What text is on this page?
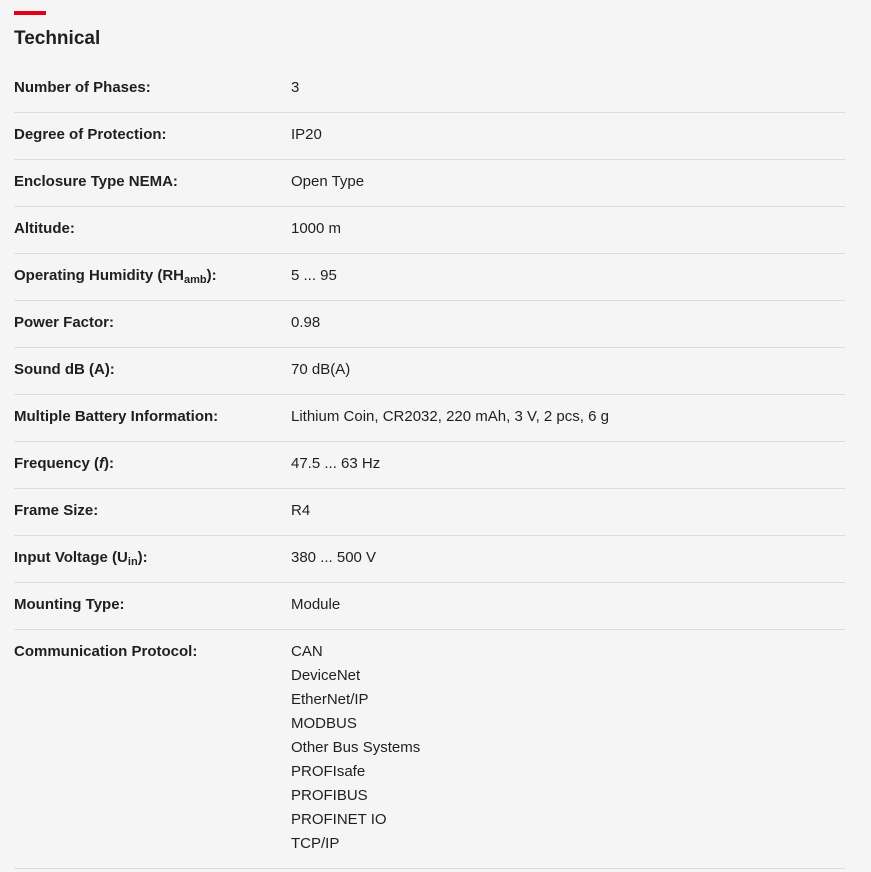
Technical
Number of Phases:	3
Degree of Protection:	IP20
Enclosure Type NEMA:	Open Type
Altitude:	1000 m
Operating Humidity $(RH_{amb})$:	5 ... 95
Power Factor:	0.98
Sound dB (A):	70 dB(A)
Multiple Battery Information:	Lithium Coin, CR2032, 220 mAh, 3 V, 2 pcs, 6 g
Frequency (f):	47.5 ... 63 Hz
Frame Size:	R4
Input Voltage $(U_{in})$:	380 ... 500 V
Mounting Type:	Module
Communication Protocol:	CAN
DeviceNet
EtherNet/IP
MODBUS
Other Bus Systems
PROFIsafe
PROFIBUS
PROFINET IO
TCP/IP
